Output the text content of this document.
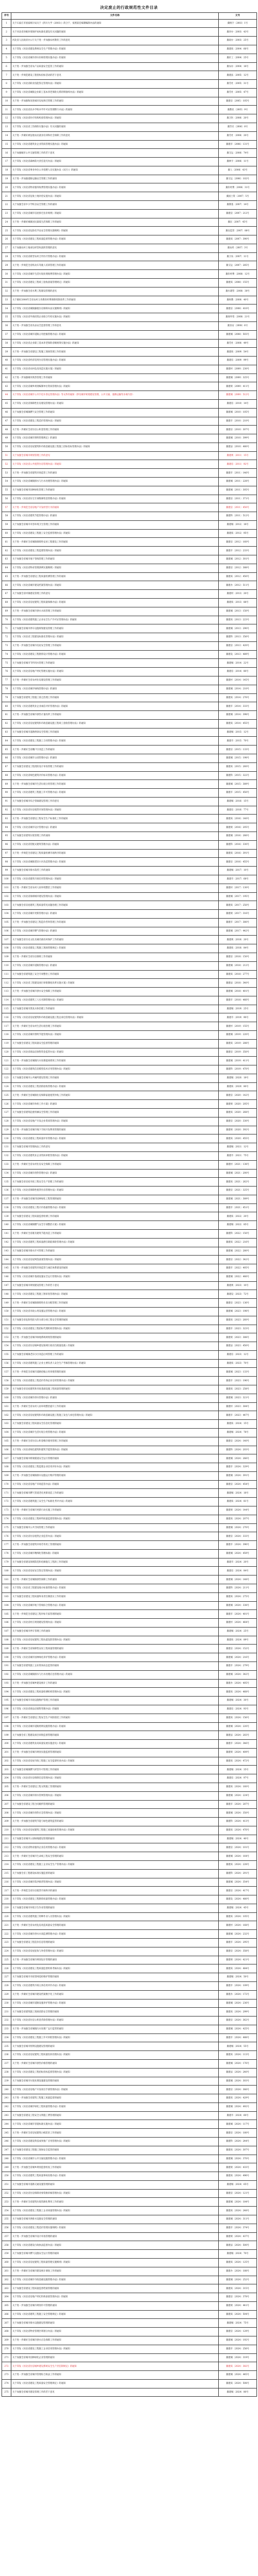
决定废止的行政规范性文件目录
序号	文件名称	文号
1	关于石家庄市国家统计局关于《四川大学（2003）》的合于、按照前任编制编制办法的通知	冀统字〔2003〕1号
2	关于河北省县级环境保护局标准化建设有关问题的通知	冀环办〔2003〕43号
3	河北省人民政府办公厅关于进一步加强农村教育工作的意见	冀政办〔2003〕25号
4	关于印发《河北省建设系统安全生产管理办法》的通知	冀建质〔2004〕66号
5	关于印发《河北省城市供水价格管理实施办法》的通知	冀价工〔2004〕25号
6	关于进一步加强全省农产品质量安全监管工作的通知	冀农办〔2004〕18号
7	关于进一步规范建设工程招标投标活动的若干意见	冀建法〔2005〕12号
8	关于印发《河北省职业技能鉴定管理办法》的通知	冀劳社〔2005〕31号
9	关于印发《河北省城镇企业职工基本养老保险关系转移接续办法》的通知	冀劳社〔2005〕47号
10	关于进一步加强和改进城市房屋拆迁管理工作的通知	冀建房〔2005〕105号
11	关于印发《河北省民办学校办学许可证管理暂行办法》的通知	冀教民〔2005〕9号
12	关于印发《河北省医疗机构校验管理办法》的通知	冀卫医〔2006〕20号
13	关于印发《河北省工伤保险实施办法》有关问题的通知	冀劳社〔2006〕8号
14	关于进一步做好被征地农民就业培训和社会保障工作的意见	冀劳社〔2006〕20号
15	关于印发《河北省建筑业企业资质管理实施办法》的通知	冀建市〔2006〕131号
16	关于加强城市公共交通管理工作的若干意见	冀交运〔2006〕74号
17	关于印发《河北省森林防火责任追究办法》的通知	冀林字〔2006〕11号
18	关于印发《河北省事业单位公开招聘人员实施办法（试行）》的通知	冀人〔2006〕43号
19	关于进一步加强道路运输安全管理工作的通知	冀交运〔2006〕102号
20	关于印发《河北省物业服务收费管理实施办法》的通知	冀价经费〔2006〕31号
21	关于印发《河北省征收土地补偿安置办法》的通知	冀国土资〔2007〕5号
22	关于加强全省中小学校舍安全管理工作的通知	冀教基〔2007〕14号
23	关于印发《河北省城市房屋拆迁估价规则》的通知	冀建房〔2007〕212号
24	关于进一步做好城镇居民最低生活保障工作的通知	冀民〔2007〕45号
25	关于印发《河北省危险化学品安全管理实施细则》的通知	冀安监管〔2007〕88号
26	关于印发《河北省建设工程质量监督管理办法》的通知	冀建质〔2007〕390号
27	关于加强农村土地承包经营权流转管理的意见	冀农经〔2007〕3号
28	关于印发《河北省新型农村合作医疗管理办法》的通知	冀卫农〔2007〕11号
29	关于进一步规范全省机动车驾驶人培训管理工作的通知	冀交运〔2007〕285号
30	关于印发《河北省城市生活垃圾处理收费管理办法》的通知	冀价经费〔2008〕12号
31	关于印发《河北省建设工程竣工验收备案管理规定》的通知	冀建质〔2008〕155号
32	关于进一步加强全省水利工程建设管理的意见	冀水建管〔2008〕30号
33	关于做好2008年全省农村义务教育经费保障机制改革工作的通知	冀财教〔2008〕40号
34	关于印发《河北省城镇廉租住房保障办法实施细则》的通知	冀建房〔2008〕410号
35	关于印发《河北省外商投资企业联合年检实施办法》的通知	冀商外资〔2008〕21号
36	关于进一步加强全省食品安全监督管理工作的意见	冀食安〔2008〕6号
37	关于印发《河北省城市道路占用挖掘管理办法》的通知	冀建城〔2008〕503号
38	关于印发《河北省企业职工基本养老保险省级统筹实施办法》的通知	冀劳社〔2008〕49号
39	关于进一步加强全省建设工程施工现场管理工作的通知	冀建质〔2009〕54号
40	关于印发《河北省经济适用住房管理实施办法》的通知	冀建房〔2009〕99号
41	关于印发《河北省农村危房改造实施方案》的通知	冀建村〔2009〕230号
42	关于进一步加强城市供热管理工作的通知	冀建城〔2009〕325号
43	关于印发《河北省城乡规划编制单位资质管理办法》的通知	冀建规〔2009〕411号
44	关于印发《河北省城市公共汽电车客运管理办法》等文件的通知（涉及城市规划建设管理、公共交通、道路运输等多项内容）	冀建城〔2009〕512号
45	关于印发《河北省保障性住房建设管理办法》的通知	冀建房〔2010〕14号
46	关于加强全省城镇燃气安全管理工作的通知	冀建城〔2010〕105号
47	关于印发《河北省建设工程造价管理办法》的通知	冀建市〔2010〕210号
48	关于进一步做好全省住房公积金管理工作的通知	冀建房〔2010〕307号
49	关于印发《河北省城市照明管理规定》的通知	冀建城〔2010〕399号
50	关于印发《河北省房屋建筑和市政基础设施工程施工招标投标管理办法》的通知	冀建法〔2010〕480号
51	关于加强全省城市规划管理工作的意见	冀建规〔2011〕15号
52	关于印发《河北省公共租赁住房管理办法》的通知	冀建房〔2011〕92号
53	关于进一步加强全省建筑市场监管工作的通知	冀建市〔2011〕146号
54	关于印发《河北省城镇排水与污水处理管理办法》的通知	冀建城〔2011〕228号
55	关于加强全省城市园林绿化管理工作的通知	冀建城〔2011〕305号
56	关于印发《河北省住宅专项维修资金管理办法》的通知	冀建房〔2011〕371号
57	关于进一步规范全省房地产开发经营行为的通知	冀建房〔2011〕450号
58	关于印发《河北省建筑节能管理办法》的通知	冀建科〔2011〕512号
59	关于加强全省城市市容环境卫生管理工作的通知	冀建城〔2012〕18号
60	关于印发《河北省建设工程施工安全监督管理办法》的通知	冀建质〔2012〕95号
61	关于进一步做好全省城镇保障性安居工程建设工作的通知	冀建房〔2012〕160号
62	关于印发《河北省建设工程监理管理办法》的通知	冀建市〔2012〕233号
63	关于加强全省城市地下管线管理工作的通知	冀建城〔2012〕301号
64	关于印发《河北省物业管理条例实施细则》的通知	冀建房〔2012〕388号
65	关于进一步加强全省建设工程质量检测管理工作的通知	冀建质〔2012〕450号
66	关于印发《河北省城市建设档案管理办法》的通知	冀建办〔2012〕511号
67	关于加强全省村镇建设管理工作的意见	冀建村〔2013〕20号
68	关于印发《河北省房屋建筑工程质量保修办法》的通知	冀建质〔2013〕88号
69	关于进一步加强全省城市供水水质管理工作的通知	冀建城〔2013〕150号
70	关于印发《河北省建筑施工企业安全生产许可证管理办法》的通知	冀建质〔2013〕223号
71	关于加强全省城市停车设施规划建设管理工作的通知	冀建城〔2013〕290号
72	关于印发《河北省工程建设标准化管理办法》的通知	冀建科〔2013〕356号
73	关于进一步加强全省城市房屋安全管理工作的通知	冀建房〔2013〕420号
74	关于印发《河北省建设工程勘察设计管理办法》的通知	冀建设〔2013〕489号
75	关于加强全省城市节约用水管理工作的通知	冀建城〔2014〕22号
76	关于印发《河北省房地产经纪管理实施办法》的通知	冀建房〔2014〕80号
77	关于进一步做好全省农村住房建设管理工作的通知	冀建村〔2014〕145号
78	关于印发《河北省城市绿线管理办法》的通知	冀建城〔2014〕210号
79	关于加强全省建筑工程施工扬尘治理工作的通知	冀建质〔2014〕276号
80	关于印发《河北省建筑业企业诚信评价管理办法》的通知	冀建市〔2014〕333号
81	关于进一步加强全省城市供热计量改革工作的通知	冀建城〔2014〕398号
82	关于印发《河北省房屋建筑和市政基础设施工程竣工验收管理办法》的通知	冀建质〔2014〕455号
83	关于加强全省城市道路桥梁安全管理工作的通知	冀建城〔2015〕12号
84	关于印发《河北省建设工程施工合同管理办法》的通知	冀建市〔2015〕70号
85	关于进一步做好全省棚户区改造工作的通知	冀建房〔2015〕133号
86	关于印发《河北省城市公园管理办法》的通知	冀建城〔2015〕198号
87	关于加强全省建设工程消防设计审查管理工作的通知	冀建质〔2015〕260号
88	关于印发《河北省绿色建筑评价标识管理办法》的通知	冀建科〔2015〕322号
89	关于进一步加强全省城市生活垃圾分类管理工作的通知	冀建城〔2015〕389号
90	关于印发《河北省建筑工程施工许可管理办法》的通知	冀建市〔2015〕450号
91	关于加强全省城市综合管廊建设管理工作的意见	冀建城〔2016〕15号
92	关于印发《河北省住房租赁市场管理办法》的通知	冀建房〔2016〕77号
93	关于进一步加强全省建设工程安全生产标准化工作的通知	冀建质〔2016〕140号
94	关于印发《河北省城市设计管理办法》的通知	冀建规〔2016〕205号
95	关于加强全省建筑垃圾管理工作的通知	冀建城〔2016〕266号
96	关于印发《河北省装配式建筑管理办法》的通知	冀建科〔2016〕330号
97	关于进一步规范全省建设工程质量检测市场秩序的通知	冀建质〔2016〕391号
98	关于印发《河北省城镇老旧小区改造管理办法》的通知	冀建房〔2016〕455号
99	关于加强全省城市排水防涝工作的通知	冀建城〔2017〕10号
100	关于印发《河北省建筑市场信用管理办法》的通知	冀建市〔2017〕68号
101	关于进一步做好全省农村人居环境整治工作的通知	冀建村〔2017〕130号
102	关于印发《河北省海绵城市建设管理办法》的通知	冀建城〔2017〕195号
103	关于加强全省房屋建筑工程质量常见问题治理工作的通知	冀建质〔2017〕250号
104	关于印发《河北省城市更新管理办法》的通知	冀建规〔2017〕316号
105	关于进一步加强全省建设工程造价咨询管理工作的通知	冀建市〔2017〕380号
106	关于印发《河北省城市燃气管理办法》的通知	冀建城〔2017〕442号
107	关于加强全省历史文化名城名镇名村保护工作的通知	冀建规〔2018〕20号
108	关于印发《河北省建设工程施工现场管理规定》的通知	冀建质〔2018〕84号
109	关于进一步做好全省住房保障工作的通知	冀建房〔2018〕150号
110	关于印发《河北省城市道路管理办法》的通知	冀建城〔2018〕212号
111	关于加强全省建筑施工安全专项整治工作的通知	冀建质〔2018〕277号
112	关于印发《河北省工程建设项目审批制度改革实施方案》的通知	冀建法〔2018〕340号
113	关于进一步加强全省城市供水安全保障工作的通知	冀建城〔2018〕401号
114	关于印发《河北省建筑工人实名制管理办法》的通知	冀建市〔2018〕466号
115	关于加强全省城市黑臭水体治理工作的通知	冀建城〔2019〕25号
116	关于印发《河北省房屋建筑和市政基础设施工程总承包管理办法》的通知	冀建市〔2019〕90号
117	关于进一步做好全省农村生活垃圾治理工作的通知	冀建村〔2019〕155号
118	关于印发《河北省城市照明节能管理办法》的通知	冀建城〔2019〕220号
119	关于加强全省建设工程质量安全监督管理的通知	冀建质〔2019〕288号
120	关于印发《河北省商品房预售资金监管办法》的通知	冀建房〔2019〕350号
121	关于进一步加强全省城镇污水处理提质增效工作的通知	冀建城〔2019〕411号
122	关于印发《河北省建筑信息模型技术应用管理办法》的通知	冀建科〔2019〕470号
123	关于加强全省城市公共厕所建设管理工作的通知	冀建城〔2020〕18号
124	关于印发《河北省建设工程消防验收管理办法》的通知	冀建质〔2020〕80号
125	关于进一步做好全省城镇住房保障家庭租赁补贴工作的通知	冀建房〔2020〕142号
126	关于印发《河北省城市体检工作方案》的通知	冀建规〔2020〕205号
127	关于加强全省建筑起重机械安全管理工作的通知	冀建质〔2020〕268号
128	关于印发《河北省房地产开发企业资质管理办法》的通知	冀建房〔2020〕330号
129	关于进一步加强全省城市地下空间开发利用管理的通知	冀建规〔2020〕392号
130	关于印发《河北省建设工程质量评价管理办法》的通知	冀建质〔2020〕455号
131	关于加强全省城市管理执法工作的意见	冀建城〔2021〕12号
132	关于印发《河北省建筑业企业资质审批管理办法》的通知	冀建市〔2021〕75号
133	关于进一步做好全省农村住房安全保障工作的通知	冀建村〔2021〕138号
134	关于印发《河北省城市供热管理办法》的通知	冀建城〔2021〕200号
135	关于加强全省房屋市政工程安全生产治理工作的通知	冀建质〔2021〕262号
136	关于印发《河北省保障性租赁住房管理办法》的通知	冀建房〔2021〕325号
137	关于进一步加强全省城市园林绿化工程管理的通知	冀建城〔2021〕389号
138	关于印发《河北省建设工程计价依据管理办法》的通知	冀建市〔2021〕451号
139	关于加强全省建设工程质量监督检测工作的通知	冀建质〔2022〕20号
140	关于印发《河北省城镇燃气安全专项整治方案》的通知	冀建城〔2022〕85号
141	关于进一步做好全省既有建筑节能改造工作的通知	冀建科〔2022〕150号
142	关于印发《河北省建筑工程质量潜在缺陷保险管理办法》的通知	冀建质〔2022〕216号
143	关于加强全省城市排水许可管理工作的通知	冀建城〔2022〕280号
144	关于印发《河北省房屋网签备案管理办法》的通知	冀建房〔2022〕342号
145	关于进一步加强全省建筑市场监管与诚信体系建设的通知	冀建市〔2022〕405号
146	关于印发《河北省城市基础设施安全运行管理办法》的通知	冀建城〔2022〕466号
147	关于加强全省城市规划建设管理工作的若干意见	冀建规〔2023〕10号
148	关于印发《河北省建设工程施工图审查管理办法》的通知	冀建设〔2023〕72号
149	关于进一步做好全省城镇保障性住房分配管理工作的通知	冀建房〔2023〕136号
150	关于印发《河北省市政公用设施运营管理办法》的通知	冀建城〔2023〕198号
151	关于加强全省危险性较大的分部分项工程安全管理的通知	冀建质〔2023〕260号
152	关于印发《河北省建设工程招标代理机构管理办法》的通知	冀建市〔2023〕323号
153	关于进一步加强全省城市绿地系统规划管理的通知	冀建规〔2023〕388号
154	关于印发《河北省住房城乡建设领域行政处罚裁量基准》的通知	冀建法〔2023〕450号
155	关于加强全省城镇老旧小区改造后续管理工作的通知	冀建房〔2023〕12号
156	关于印发《河北省建筑施工企业主要负责人安全生产考核管理办法》的通知	冀建质〔2023〕70号
157	关于进一步规范全省城市道路挖掘占用审批管理的通知	冀建城〔2023〕133号
158	关于印发《河北省建设工程造价咨询企业信用管理办法》的通知	冀建市〔2023〕196号
159	关于加强全省房屋建筑和市政基础设施工程质量管理的通知	冀建质〔2023〕258号
160	关于印发《河北省城市供水管理办法》的通知	冀建城〔2023〕321号
161	关于进一步做好全省农村人居环境整治提升工作的通知	冀建村〔2023〕384号
162	关于印发《河北省房屋建筑和市政基础设施工程施工发包与承包管理办法》的通知	冀建市〔2023〕447号
163	关于加强全省建设工程质量安全信息化管理的通知	冀建质〔2024〕15号
164	关于印发《河北省城市生活垃圾分类管理办法》的通知	冀建城〔2024〕78号
165	关于进一步做好全省住房公积金缴存使用管理工作的通知	冀建房〔2024〕140号
166	关于印发《河北省绿色建筑和建筑节能管理办法》的通知	冀建科〔2024〕203号
167	关于加强全省城市桥梁隧道安全运行管理的通知	冀建城〔2024〕266号
168	关于印发《河北省建设工程监理企业信用评价办法》的通知	冀建市〔2024〕329号
169	关于进一步加强全省城镇排水设施运行维护管理的通知	冀建城〔2024〕391号
170	关于印发《河北省房地产市场监管办法》的通知	冀建房〔2024〕454号
171	关于加强全省城市燃气管道老化更新改造工作的通知	冀建城〔2024〕18号
172	关于印发《河北省建筑施工安全生产标准化考评办法》的通知	冀建质〔2024〕81号
173	关于进一步做好全省城市更新行动实施工作的通知	冀建规〔2024〕144号
174	关于印发《河北省建设工程材料质量监督管理办法》的通知	冀建质〔2024〕207号
175	关于加强全省城市公共空间管理工作的通知	冀建城〔2024〕270号
176	关于印发《河北省住房租赁企业监管办法》的通知	冀建房〔2024〕333号
177	关于进一步加强全省建筑市场劳务用工管理的通知	冀建市〔2024〕396号
178	关于印发《河北省城市精细化管理标准》的通知	冀建城〔2024〕459号
179	关于加强全省建设领域防范和化解拖欠工程款工作的通知	冀建市〔2024〕20号
180	关于印发《河北省房屋安全鉴定管理办法》的通知	冀建房〔2024〕84号
181	关于进一步做好全省城镇供热保障工作的通知	冀建城〔2024〕148号
182	关于印发《河北省工程建设地方标准管理办法》的通知	冀建科〔2024〕211号
183	关于加强全省建设工程质量终身责任制落实工作的通知	冀建质〔2024〕275号
184	关于印发《河北省城市地下管线综合管理办法》的通知	冀建城〔2024〕338号
185	关于进一步规范全省建设工程评标专家管理的通知	冀建市〔2024〕401号
186	关于印发《河北省村庄规划建设管理办法》的通知	冀建村〔2024〕464号
187	关于加强全省城市停车管理工作的通知	冀建城〔2024〕25号
188	关于印发《河北省房屋建筑工程抗震设防管理办法》的通知	冀建质〔2024〕89号
189	关于进一步做好全省保障性安居工程质量管理的通知	冀建房〔2024〕152号
190	关于印发《河北省城市园林绿化养护管理办法》的通知	冀建城〔2024〕216号
191	关于加强全省建筑施工企业资质动态监管的通知	冀建市〔2024〕279号
192	关于印发《河北省城镇排水与污水处理应急管理办法》的通知	冀建城〔2024〕342号
193	关于进一步加强全省城乡建设统计工作的通知	冀建办〔2024〕405号
194	关于印发《河北省建设工程质量检测机构管理办法》的通知	冀建质〔2024〕468号
195	关于加强全省城市市政设施维护管理工作的通知	冀建城〔2024〕30号
196	关于印发《河北省商品房销售管理办法》的通知	冀建房〔2024〕93号
197	关于进一步做好全省建设工程安全生产风险防控工作的通知	冀建质〔2024〕156号
198	关于印发《河北省城市道路照明设施管理办法》的通知	冀建城〔2024〕220号
199	关于加强全省工程建设项目审批监督管理的通知	冀建法〔2024〕283号
200	关于印发《河北省建筑业高质量发展实施意见》的通知	冀建市〔2024〕346号
201	关于进一步加强全省城市规划实施监督管理的通知	冀建规〔2024〕409号
202	关于印发《河北省房屋市政工程施工安全监督检查办法》的通知	冀建质〔2024〕472号
203	关于加强全省城镇燃气经营许可管理工作的通知	冀建城〔2024〕35号
204	关于印发《河北省住房保障信息管理办法》的通知	冀建房〔2024〕97号
205	关于进一步做好全省建设工程文明施工管理的通知	冀建质〔2024〕160号
206	关于印发《河北省城市排水管网管理办法》的通知	冀建城〔2024〕224号
207	关于加强全省建设工程合同履约管理的通知	冀建市〔2024〕287号
208	关于印发《河北省城市供热应急管理办法》的通知	冀建城〔2024〕350号
209	关于进一步加强全省建筑节能与绿色建筑监管的通知	冀建科〔2024〕413号
210	关于印发《河北省房屋建筑工程施工质量验收管理办法》的通知	冀建质〔2024〕476号
211	关于加强全省城市公园绿地建设管理的通知	冀建城〔2024〕40号
212	关于印发《河北省物业服务企业信用管理办法》的通知	冀建房〔2024〕101号
213	关于进一步做好全省城市生命线工程安全管理的通知	冀建城〔2024〕164号
214	关于印发《河北省建设工程施工企业安全生产管理办法》的通知	冀建质〔2024〕228号
215	关于加强全省工程建设标准实施监督的通知	冀建科〔2024〕291号
216	关于印发《河北省城市防洪排涝管理办法》的通知	冀建城〔2024〕354号
217	关于进一步规范全省住房租赁市场秩序的通知	冀建房〔2024〕417号
218	关于印发《河北省建设工程勘察质量管理办法》的通知	冀建设〔2024〕480号
219	关于加强全省城市环境卫生作业管理的通知	冀建城〔2024〕45号
220	关于印发《河北省建筑施工特种作业人员管理办法》的通知	冀建质〔2024〕105号
221	关于进一步做好全省农村危房改造质量安全管理的通知	冀建村〔2024〕168号
222	关于印发《河北省城市供水水质监测管理办法》的通知	冀建城〔2024〕232号
223	关于加强全省建设工程造价信息管理的通知	冀建市〔2024〕295号
224	关于印发《河北省房屋征收与补偿管理办法》的通知	冀建房〔2024〕358号
225	关于进一步加强全省城市规划设计管理的通知	冀建规〔2024〕421号
226	关于印发《河北省建设工程质量监督机构考核办法》的通知	冀建质〔2024〕484号
227	关于加强全省城市市政管网巡检维护管理的通知	冀建城〔2024〕50号
228	关于印发《河北省建筑市场主体信用评价办法》的通知	冀建市〔2024〕109号
229	关于进一步做好全省城市建设档案数字化工作的通知	冀建办〔2024〕172号
230	关于印发《河北省城市道路设施养护管理办法》的通知	冀建城〔2024〕236号
231	关于加强全省建筑施工现场消防安全管理的通知	冀建质〔2024〕299号
232	关于印发《河北省住房公积金贷款管理办法》的通知	冀建房〔2024〕362号
233	关于进一步加强全省城镇污水处理厂运行监管的通知	冀建城〔2024〕425号
234	关于印发《河北省建设工程施工许可审批管理办法》的通知	冀建市〔2024〕488号
235	关于加强全省城市照明设施建设管理的通知	冀建城〔2024〕55号
236	关于印发《河北省房屋建筑工程质量投诉处理办法》的通知	冀建质〔2024〕113号
237	关于进一步做好全省城市供热价格管理的通知	冀建城〔2024〕176号
238	关于印发《河北省建设工程招标投标监督管理办法》的通知	冀建法〔2024〕240号
239	关于加强全省城市垃圾处理设施建设管理的通知	冀建城〔2024〕303号
240	关于印发《河北省房地产开发项目手册管理办法》的通知	冀建房〔2024〕366号
241	关于进一步加强全省建筑工程施工质量监督的通知	冀建质〔2024〕429号
242	关于印发《河北省城市绿化工程质量管理办法》的通知	冀建城〔2024〕492号
243	关于加强全省建设工程安全文明施工费管理的通知	冀建市〔2024〕60号
244	关于印发《河北省城市容貌标准实施办法》的通知	冀建城〔2024〕117号
245	关于进一步做好全省房屋建筑白蚁防治工作的通知	冀建房〔2024〕180号
246	关于印发《河北省建设科技成果推广应用管理办法》的通知	冀建科〔2024〕244号
247	关于加强全省建设工程施工现场安全监管的通知	冀建质〔2024〕307号
248	关于印发《河北省城市公共交通设施管理办法》的通知	冀建城〔2024〕370号
249	关于进一步加强全省城乡规划监督检查工作的通知	冀建规〔2024〕433号
250	关于印发《河北省建筑工程质量事故处理办法》的通知	冀建质〔2024〕496号
251	关于加强全省城市道路交通设施管理的通知	冀建城〔2024〕65号
252	关于印发《河北省住房保障对象资格审核管理办法》的通知	冀建房〔2024〕121号
253	关于进一步做好全省建筑垃圾资源化利用工作的通知	冀建城〔2024〕184号
254	关于印发《河北省建设工程施工企业质量管理办法》的通知	冀建质〔2024〕248号
255	关于加强全省城市供排水设施安全管理的通知	冀建城〔2024〕311号
256	关于印发《河北省建设工程造价管理实施细则》的通知	冀建市〔2024〕374号
257	关于进一步加强全省城市设计审查管理的通知	冀建规〔2024〕437号
258	关于印发《河北省建设行政执法监督办法》的通知	冀建法〔2024〕500号
259	关于加强全省城市燃气设施安全运行管理的通知	冀建城〔2024〕70号
260	关于印发《河北省房屋建筑工程质量管理实施细则》的通知	冀建质〔2024〕125号
261	关于进一步做好全省城市建设统计调查工作的通知	冀建办〔2024〕188号
262	关于印发《河北省城市市政基础设施管理办法》的通知	冀建城〔2024〕252号
263	关于加强全省建设工程质量监督档案管理的通知	冀建质〔2024〕315号
264	关于印发《河北省房地产经纪机构备案管理办法》的通知	冀建房〔2024〕378号
265	关于进一步加强全省城市规划许可管理的通知	冀建规〔2024〕441号
266	关于印发《河北省建筑工程施工安全管理规定》的通知	冀建质〔2024〕504号
267	关于加强全省城市排水设施建设管理的通知	冀建城〔2024〕75号
268	关于印发《河北省物业管理区域划分办法》的通知	冀建房〔2024〕129号
269	关于进一步做好全省城市供水应急保障工作的通知	冀建城〔2024〕192号
270	关于印发《河北省建设工程施工企业信用管理办法》的通知	冀建市〔2024〕256号
271	关于加强全省城市园林绿化企业管理的通知	冀建城〔2024〕319号
272	关于印发《河北省住房城乡建设系统安全生产责任制规定》的通知	冀建质〔2024〕382号
273	关于进一步加强全省城市管理综合执法工作的通知	冀建城〔2024〕445号
274	关于印发《河北省建设工程质量安全管理规定》的通知	冀建质〔2024〕508号
275	关于加强全省城市建设管理工作的若干意见	冀建城〔2024〕80号
